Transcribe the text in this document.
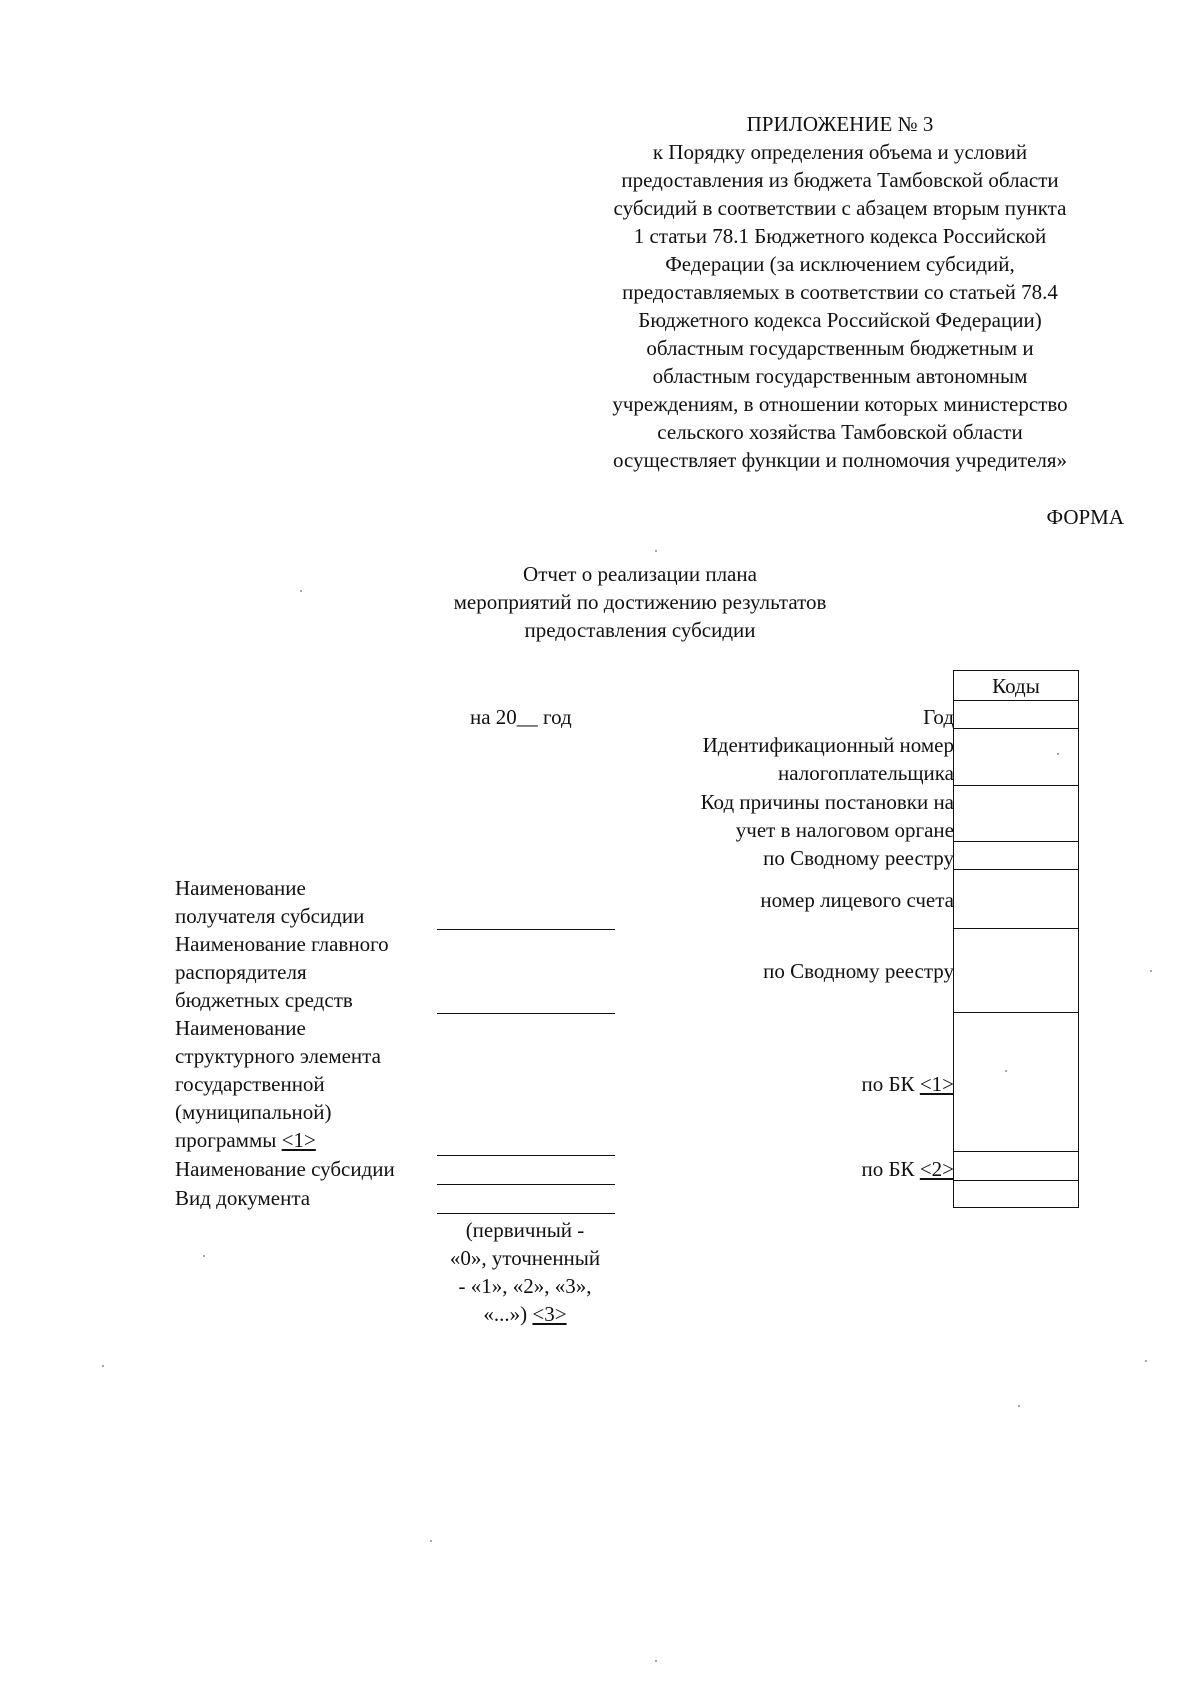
ПРИЛОЖЕНИЕ № 3
к Порядку определения объема и условий
предоставления из бюджета Тамбовской области
субсидий в соответствии с абзацем вторым пункта
1 статьи 78.1 Бюджетного кодекса Российской
Федерации (за исключением субсидий,
предоставляемых в соответствии со статьей 78.4
Бюджетного кодекса Российской Федерации)
областным государственным бюджетным и
областным государственным автономным
учреждениям, в отношении которых министерство
сельского хозяйства Тамбовской области
осуществляет функции и полномочия учредителя»
ФОРМА
Отчет о реализации плана
мероприятий по достижению результатов
предоставления субсидии
на 20__ год
Коды
Год
Идентификационный номер
налогоплательщика
Код причины постановки на
учет в налоговом органе
по Сводному реестру
номер лицевого счета
по Сводному реестру
по БК <1>
по БК <2>
Наименование
получателя субсидии
Наименование главного
распорядителя
бюджетных средств
Наименование
структурного элемента
государственной
(муниципальной)
программы <1>
Наименование субсидии
Вид документа
(первичный -
«0», уточненный
- «1», «2», «3»,
«...») <3>
